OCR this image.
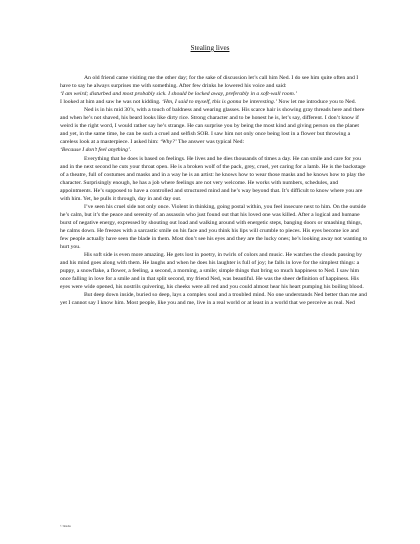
Stealing lives

An old friend came visiting me the other day; for the sake of discussion let’s call him Ned. I do see him quite often and I have to say he always surprises me with something. After few drinks he lowered his voice and said:

‘I am weird; disturbed and most probably sick. I should be locked away, preferably in a soft-wall room.’

I looked at him and saw he was not kidding. ‘Hm, I said to myself, this is gonna be interesting.’ Now let me introduce you to Ned.

Ned is in his mid 30’s, with a touch of baldness and wearing glasses. His scarce hair is showing gray threads here and there and when he’s not shaved, his beard looks like dirty rice. Strong character and to be honest he is, let’s say, different. I don’t know if weird is the right word, I would rather say he’s strange. He can surprise you by being the most kind and giving person on the planet and yet, in the same time, he can be such a cruel and selfish SOB. I saw him not only once being lost in a flower but throwing a careless look at a masterpiece. I asked him: ‘Why?’ The answer was typical Ned:

‘Because I don’t feel anything’.

Everything that he does is based on feelings. He lives and he dies thousands of times a day. He can smile and care for you and in the next second he cuts your throat open. He is a broken wolf of the pack, grey, cruel, yet caring for a lamb. He is the backstage of a theatre, full of costumes and masks and in a way he is an artist: he knows how to wear those masks and he knows how to play the character. Surprisingly enough, he has a job where feelings are not very welcome. He works with numbers, schedules, and appointments. He’s supposed to have a controlled and structured mind and he’s way beyond that. It’s difficult to know where you are with him. Yet, he pulls it through, day in and day out.

I’ve seen his cruel side not only once. Violent in thinking, going postal within, you feel insecure next to him. On the outside he’s calm, but it’s the peace and serenity of an assassin who just found out that his loved one was killed. After a logical and humane burst of negative energy, expressed by shouting out load and walking around with energetic steps, banging doors or smashing things, he calms down. He freezes with a sarcastic smile on his face and you think his lips will crumble to pieces. His eyes become ice and few people actually have seen the blade in them. Most don’t see his eyes and they are the lucky ones; he’s looking away not wanting to hurt you.

His soft side is even more amazing. He gets lost in poetry, in twirls of colors and music. He watches the clouds passing by and his mind goes along with them. He laughs and when he does his laughter is full of joy; he falls in love for the simplest things: a puppy, a snowflake, a flower, a feeling, a second, a morning, a smile; simple things that bring so much happiness to Ned. I saw him once falling in love for a smile and in that split second, my friend Ned, was beautiful. He was the sheer definition of happiness. His eyes were wide opened, his nostrils quivering, his cheeks were all red and you could almost hear his heart pumping his boiling blood.

But deep down inside, buried so deep, lays a complex soul and a troubled mind. No one understands Ned better than me and yet I cannot say I know him. Most people, like you and me, live in a real world or at least in a world that we perceive as real. Ned

© Radu
